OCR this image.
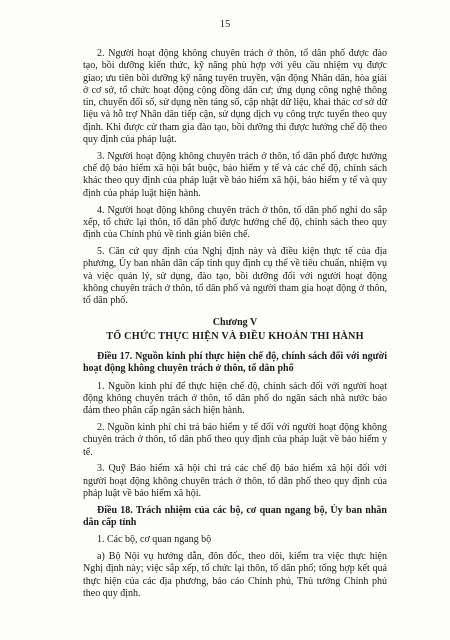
15

2. Người hoạt động không chuyên trách ở thôn, tổ dân phố được đào tạo, bồi dưỡng kiến thức, kỹ năng phù hợp với yêu cầu nhiệm vụ được giao; ưu tiên bồi dưỡng kỹ năng tuyên truyền, vận động Nhân dân, hòa giải ở cơ sở, tổ chức hoạt động cộng đồng dân cư; ứng dụng công nghệ thông tin, chuyển đổi số, sử dụng nền tảng số, cập nhật dữ liệu, khai thác cơ sở dữ liệu và hỗ trợ Nhân dân tiếp cận, sử dụng dịch vụ công trực tuyến theo quy định. Khi được cử tham gia đào tạo, bồi dưỡng thì được hưởng chế độ theo quy định của pháp luật.

3. Người hoạt động không chuyên trách ở thôn, tổ dân phố được hưởng chế độ bảo hiểm xã hội bắt buộc, bảo hiểm y tế và các chế độ, chính sách khác theo quy định của pháp luật về bảo hiểm xã hội, bảo hiểm y tế và quy định của pháp luật hiện hành.

4. Người hoạt động không chuyên trách ở thôn, tổ dân phố nghỉ do sắp xếp, tổ chức lại thôn, tổ dân phố được hưởng chế độ, chính sách theo quy định của Chính phủ về tinh giản biên chế.

5. Căn cứ quy định của Nghị định này và điều kiện thực tế của địa phương, Ủy ban nhân dân cấp tỉnh quy định cụ thể về tiêu chuẩn, nhiệm vụ và việc quản lý, sử dụng, đào tạo, bồi dưỡng đối với người hoạt động không chuyên trách ở thôn, tổ dân phố và người tham gia hoạt động ở thôn, tổ dân phố.

Chương V

TỔ CHỨC THỰC HIỆN VÀ ĐIỀU KHOẢN THI HÀNH

Điều 17. Nguồn kinh phí thực hiện chế độ, chính sách đối với người hoạt động không chuyên trách ở thôn, tổ dân phố

1. Nguồn kinh phí để thực hiện chế độ, chính sách đối với người hoạt động không chuyên trách ở thôn, tổ dân phố do ngân sách nhà nước bảo đảm theo phân cấp ngân sách hiện hành.

2. Nguồn kinh phí chi trả bảo hiểm y tế đối với người hoạt động không chuyên trách ở thôn, tổ dân phố theo quy định của pháp luật về bảo hiểm y tế.

3. Quỹ Bảo hiểm xã hội chi trả các chế độ bảo hiểm xã hội đối với người hoạt động không chuyên trách ở thôn, tổ dân phố theo quy định của pháp luật về bảo hiểm xã hội.

Điều 18. Trách nhiệm của các bộ, cơ quan ngang bộ, Ủy ban nhân dân cấp tỉnh

1. Các bộ, cơ quan ngang bộ

a) Bộ Nội vụ hướng dẫn, đôn đốc, theo dõi, kiểm tra việc thực hiện Nghị định này; việc sắp xếp, tổ chức lại thôn, tổ dân phố; tổng hợp kết quả thực hiện của các địa phương, báo cáo Chính phủ, Thủ tướng Chính phủ theo quy định.
